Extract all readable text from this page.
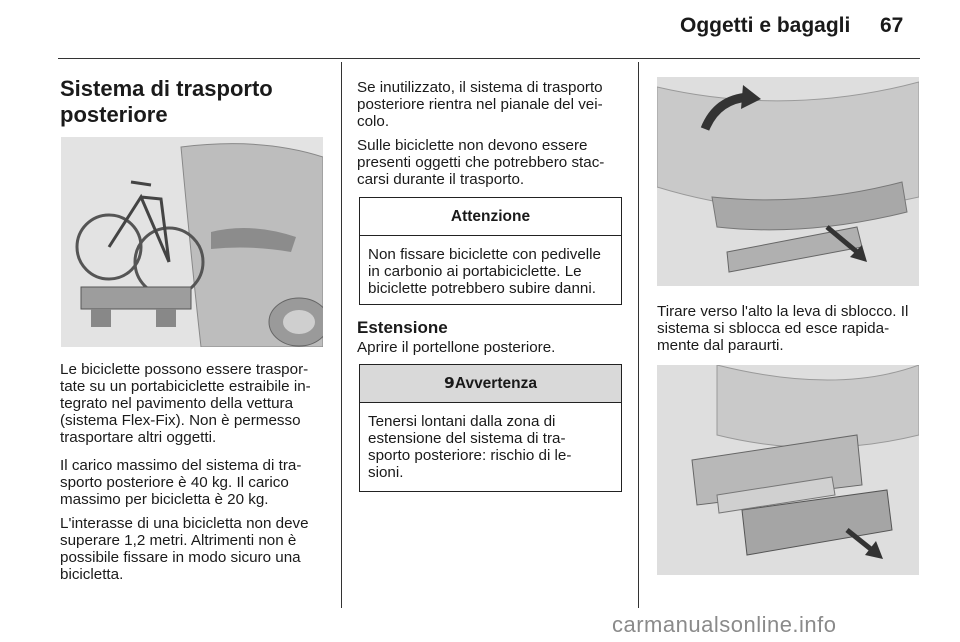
Oggetti e bagagli 67
Sistema di trasporto
posteriore
Le biciclette possono essere traspor-
tate su un portabiciclette estraibile in-
tegrato nel pavimento della vettura
(sistema Flex-Fix). Non è permesso
trasportare altri oggetti.
Il carico massimo del sistema di tra-
sporto posteriore è 40 kg. Il carico
massimo per bicicletta è 20 kg.
L'interasse di una bicicletta non deve
superare 1,2 metri. Altrimenti non è
possibile fissare in modo sicuro una
bicicletta.
Se inutilizzato, il sistema di trasporto
posteriore rientra nel pianale del vei-
colo.
Sulle biciclette non devono essere
presenti oggetti che potrebbero stac-
carsi durante il trasporto.
Attenzione
Non fissare biciclette con pedivelle
in carbonio ai portabiciclette. Le
biciclette potrebbero subire danni.
Estensione
Aprire il portellone posteriore.
9Avvertenza
Tenersi lontani dalla zona di
estensione del sistema di tra-
sporto posteriore: rischio di le-
sioni.
Tirare verso l'alto la leva di sblocco. Il
sistema si sblocca ed esce rapida-
mente dal paraurti.
carmanualsonline.info
